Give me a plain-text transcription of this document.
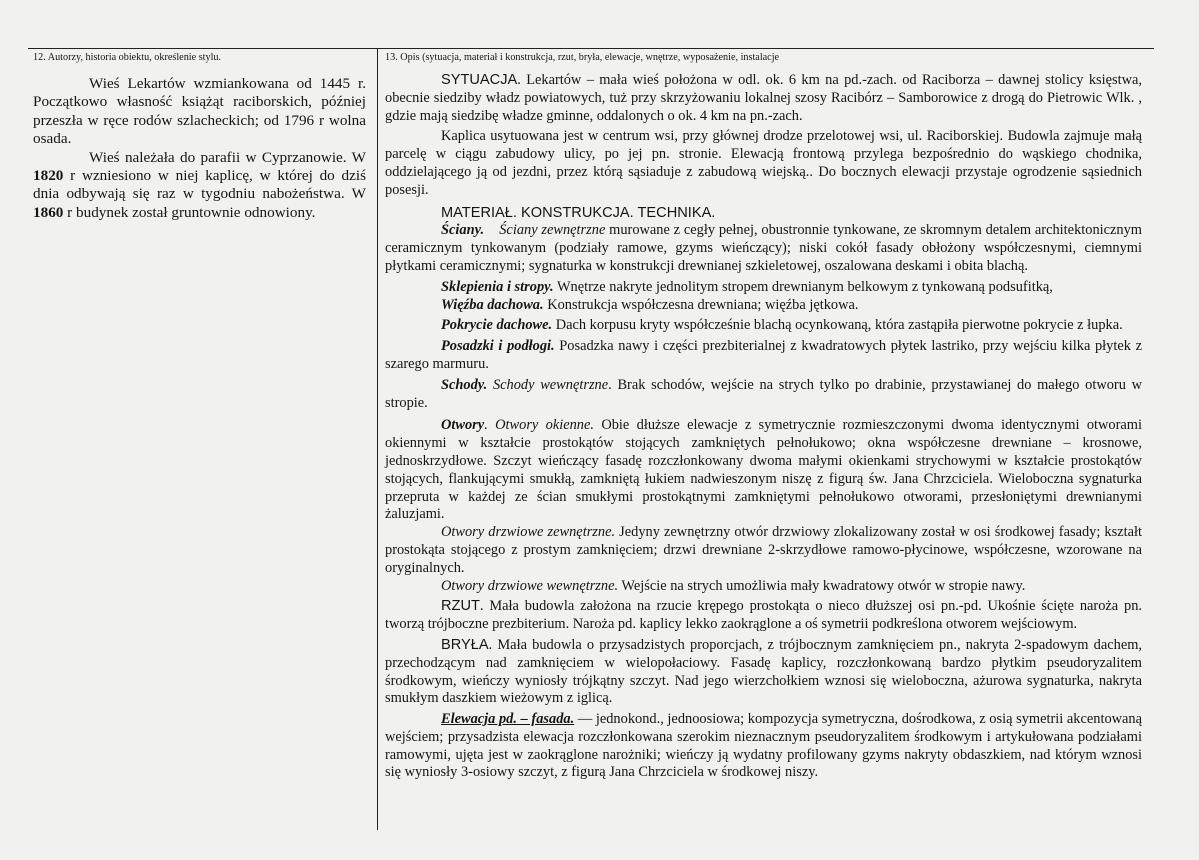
12. Autorzy, historia obiektu, określenie stylu.	13. Opis (sytuacja, materiał i konstrukcja, rzut, bryła, elewacje, wnętrze, wyposażenie, instalacje

Wieś Lekartów wzmiankowana od 1445 r. Początkowo własność książąt raciborskich, później przeszła w ręce rodów szlacheckich; od 1796 r wolna osada.

Wieś należała do parafii w Cyprzanowie. W 1820 r wzniesiono w niej kaplicę, w której do dziś dnia odbywają się raz w tygodniu nabożeństwa. W 1860 r budynek został gruntownie odnowiony.

SYTUACJA. Lekartów – mała wieś położona w odl. ok. 6 km na pd.-zach. od Raciborza – dawnej stolicy księstwa, obecnie siedziby władz powiatowych, tuż przy skrzyżowaniu lokalnej szosy Racibórz – Samborowice z drogą do Pietrowic Wlk. , gdzie mają siedzibę władze gminne, oddalonych o ok. 4 km na pn.-zach.

Kaplica usytuowana jest w centrum wsi, przy głównej drodze przelotowej wsi, ul. Raciborskiej. Budowla zajmuje małą parcelę w ciągu zabudowy ulicy, po jej pn. stronie. Elewacją frontową przylega bezpośrednio do wąskiego chodnika, oddzielającego ją od jezdni, przez którą sąsiaduje z zabudową wiejską.. Do bocznych elewacji przystaje ogrodzenie sąsiednich posesji.

MATERIAŁ. KONSTRUKCJA. TECHNIKA.

Ściany. Ściany zewnętrzne murowane z cegły pełnej, obustronnie tynkowane, ze skromnym detalem architektonicznym ceramicznym tynkowanym (podziały ramowe, gzyms wieńczący); niski cokół fasady obłożony współczesnymi, ciemnymi płytkami ceramicznymi; sygnaturka w konstrukcji drewnianej szkieletowej, oszalowana deskami i obita blachą.

Sklepienia i stropy. Wnętrze nakryte jednolitym stropem drewnianym belkowym z tynkowaną podsufitką,

Więźba dachowa. Konstrukcja współczesna drewniana; więźba jętkowa.

Pokrycie dachowe. Dach korpusu kryty współcześnie blachą ocynkowaną, która zastąpiła pierwotne pokrycie z łupka.

Posadzki i podłogi. Posadzka nawy i części prezbiterialnej z kwadratowych płytek lastriko, przy wejściu kilka płytek z szarego marmuru.

Schody. Schody wewnętrzne. Brak schodów, wejście na strych tylko po drabinie, przystawianej do małego otworu w stropie.

Otwory. Otwory okienne. Obie dłuższe elewacje z symetrycznie rozmieszczonymi dwoma identycznymi otworami okiennymi w kształcie prostokątów stojących zamkniętych pełnołukowo; okna współczesne drewniane – krosnowe, jednoskrzydłowe. Szczyt wieńczący fasadę rozczłonkowany dwoma małymi okienkami strychowymi w kształcie prostokątów stojących, flankującymi smukłą, zamkniętą łukiem nadwieszonym niszę z figurą św. Jana Chrzciciela. Wieloboczna sygnaturka przepruta w każdej ze ścian smukłymi prostokątnymi zamkniętymi pełnołukowo otworami, przesłoniętymi drewnianymi żaluzjami.

Otwory drzwiowe zewnętrzne. Jedyny zewnętrzny otwór drzwiowy zlokalizowany został w osi środkowej fasady; kształt prostokąta stojącego z prostym zamknięciem; drzwi drewniane 2-skrzydłowe ramowo-płycinowe, współczesne, wzorowane na oryginalnych.

Otwory drzwiowe wewnętrzne. Wejście na strych umożliwia mały kwadratowy otwór w stropie nawy.

RZUT. Mała budowla założona na rzucie krępego prostokąta o nieco dłuższej osi pn.-pd. Ukośnie ścięte naroża pn. tworzą trójboczne prezbiterium. Naroża pd. kaplicy lekko zaokrąglone a oś symetrii podkreślona otworem wejściowym.

BRYŁA. Mała budowla o przysadzistych proporcjach, z trójbocznym zamknięciem pn., nakryta 2-spadowym dachem, przechodzącym nad zamknięciem w wielopołaciowy. Fasadę kaplicy, rozczłonkowaną bardzo płytkim pseudoryzalitem środkowym, wieńczy wyniosły trójkątny szczyt. Nad jego wierzchołkiem wznosi się wieloboczna, ażurowa sygnaturka, nakryta smukłym daszkiem wieżowym z iglicą.

Elewacja pd. – fasada. — jednokond., jednoosiowa; kompozycja symetryczna, dośrodkowa, z osią symetrii akcentowaną wejściem; przysadzista elewacja rozczłonkowana szerokim nieznacznym pseudoryzalitem środkowym i artykułowana podziałami ramowymi, ujęta jest w zaokrąglone narożniki; wieńczy ją wydatny profilowany gzyms nakryty obdaszkiem, nad którym wznosi się wyniosły 3-osiowy szczyt, z figurą Jana Chrzciciela w środkowej niszy.
